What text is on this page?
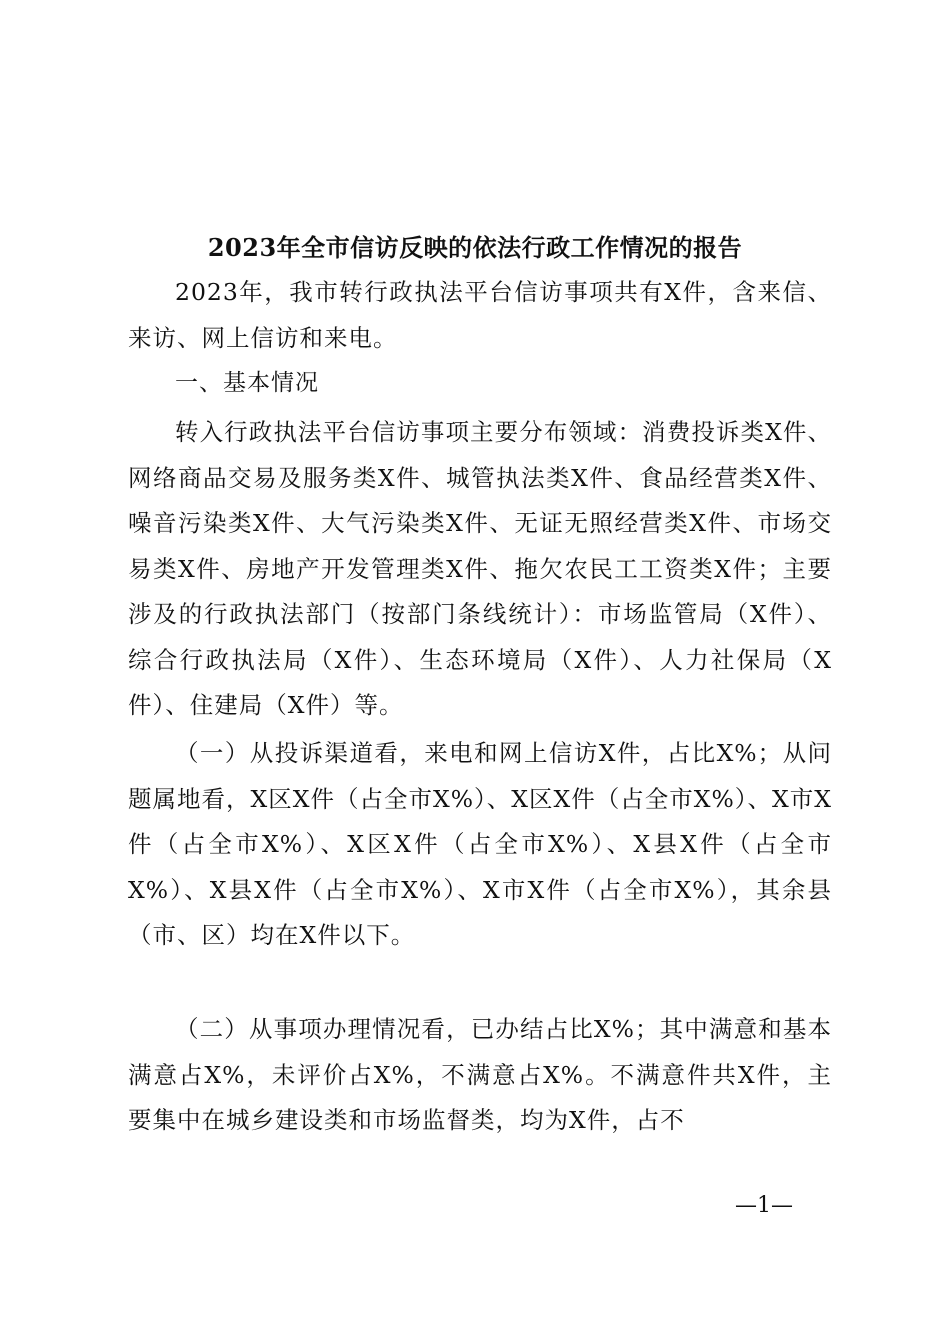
2023年全市信访反映的依法行政工作情况的报告

2023年，我市转行政执法平台信访事项共有X件，含来信、来访、网上信访和来电。

一、基本情况

转入行政执法平台信访事项主要分布领域：消费投诉类X件、网络商品交易及服务类X件、城管执法类X件、食品经营类X件、噪音污染类X件、大气污染类X件、无证无照经营类X件、市场交易类X件、房地产开发管理类X件、拖欠农民工工资类X件；主要涉及的行政执法部门（按部门条线统计）：市场监管局（X件）、综合行政执法局（X件）、生态环境局（X件）、人力社保局（X件）、住建局（X件）等。

（一）从投诉渠道看，来电和网上信访X件，占比X%；从问题属地看，X区X件（占全市X%）、X区X件（占全市X%）、X市X件（占全市X%）、X区X件（占全市X%）、X县X件（占全市X%）、X县X件（占全市X%）、X市X件（占全市X%），其余县（市、区）均在X件以下。

（二）从事项办理情况看，已办结占比X%；其中满意和基本满意占X%，未评价占X%，不满意占X%。不满意件共X件，主要集中在城乡建设类和市场监督类，均为X件，占不

—1—
